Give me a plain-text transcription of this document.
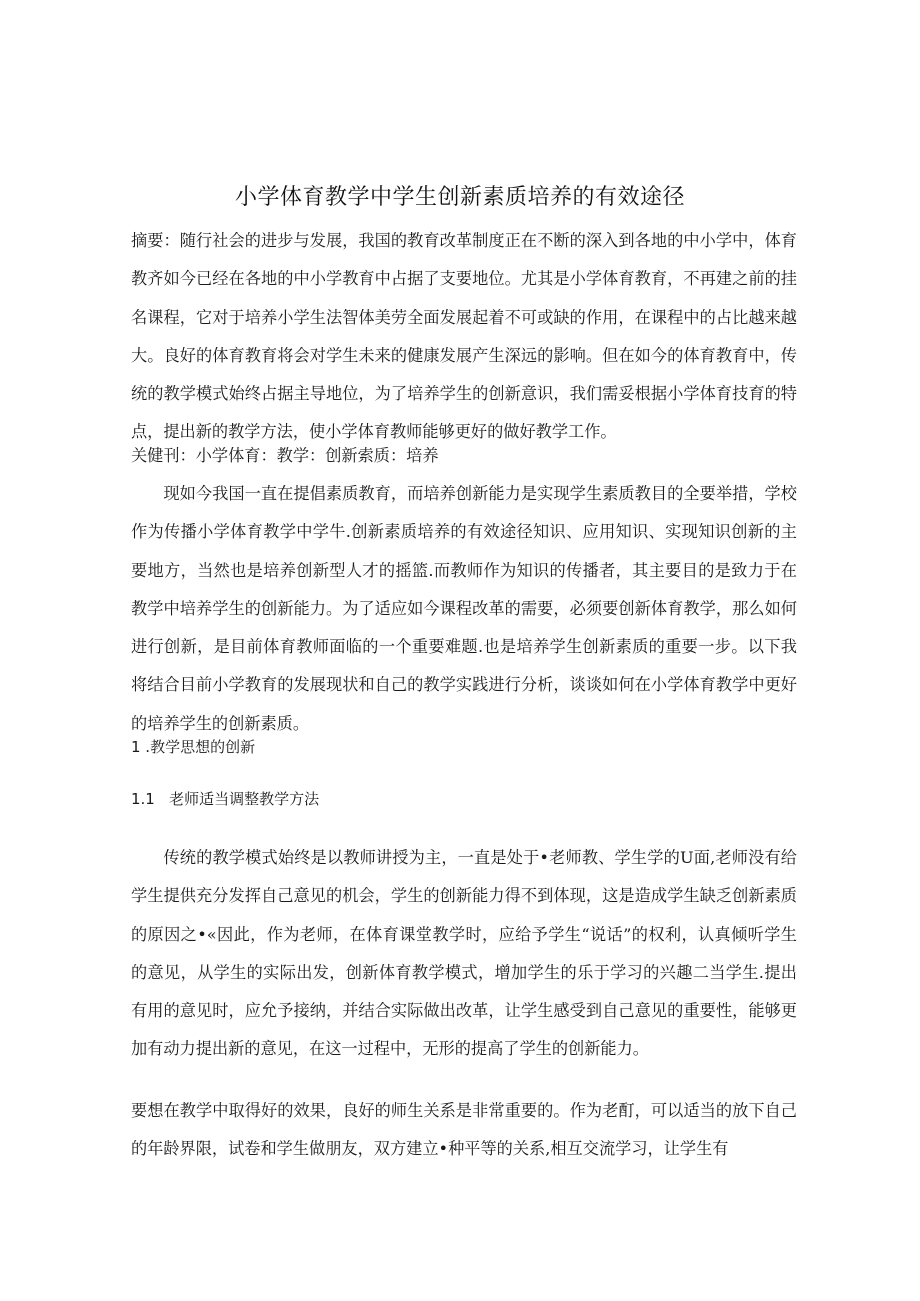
小学体育教学中学生创新素质培养的有效途径

摘要：随行社会的进步与发展，我国的教育改革制度正在不断的深入到各地的中小学中，体育教齐如今已经在各地的中小学教育中占据了支要地位。尤其是小学体育教育，不再建之前的挂名课程，它对于培养小学生法智体美劳全面发展起着不可或缺的作用，在课程中的占比越来越大。良好的体育教育将会对学生未来的健康发展产生深远的影响。但在如今的体育教育中，传统的教学模式始终占据主导地位，为了培养学生的创新意识，我们需妥根据小学体育技育的特点，提出新的教学方法，使小学体育教师能够更好的做好教学工作。

关健刊：小学体育：教学：创新索质：培养

现如今我国一直在提倡素质教育，而培养创新能力是实现学生素质教目的全要举措，学校作为传播小学体育教学中学牛.创新素质培养的有效途径知识、应用知识、实现知识创新的主要地方，当然也是培养创新型人才的摇篮.而教师作为知识的传播者，其主要目的是致力于在教学中培养学生的创新能力。为了适应如今课程改革的需要，必须要创新体育教学，那么如何进行创新，是目前体育教师面临的一个重要难题.也是培养学生创新素质的重要一步。以下我将结合目前小学教育的发展现状和自己的教学实践进行分析，谈谈如何在小学体育教学中更好的培养学生的创新素质。

1 .教学思想的创新

1.1   老师适当调整教学方法

传统的教学模式始终是以教师讲授为主，一直是处于•老师教、学生学的U面,老师没有给学生提供充分发挥自己意见的机会，学生的创新能力得不到体现，这是造成学生缺乏创新素质的原因之•«因此，作为老师，在体育课堂教学时，应给予学生“说话”的权利，认真倾听学生的意见，从学生的实际出发，创新体育教学模式，增加学生的乐于学习的兴趣二当学生.提出有用的意见时，应允予接纳，并结合实际做出改革，让学生感受到自己意见的重要性，能够更加有动力提出新的意见，在这一过程中，无形的提高了学生的创新能力。

要想在教学中取得好的效果，良好的师生关系是非常重要的。作为老酊，可以适当的放下自己的年龄界限，试卷和学生做朋友，双方建立•种平等的关系,相互交流学习，让学生有
